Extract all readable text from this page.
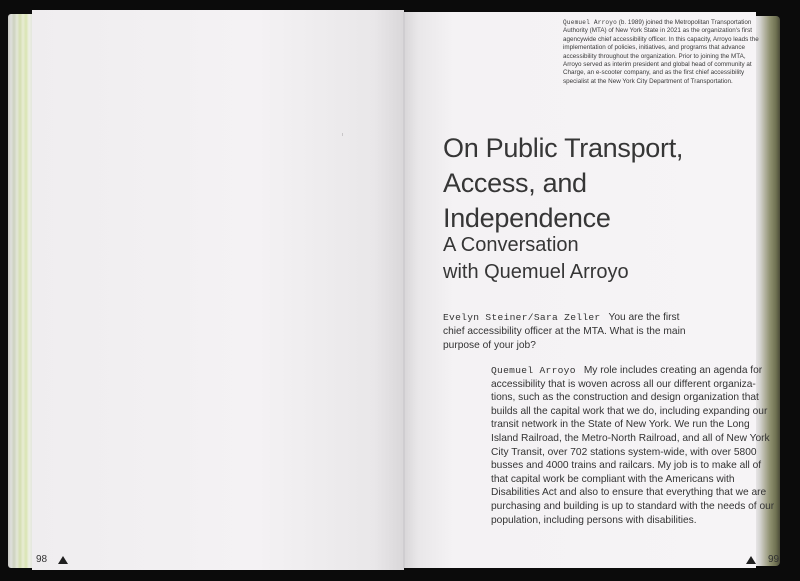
Quemuel Arroyo (b. 1989) joined the Metropolitan Transportation Authority (MTA) of New York State in 2021 as the organization's first agencywide chief accessibility officer. In this capacity, Arroyo leads the implementation of policies, initiatives, and programs that advance accessibility throughout the organization. Prior to joining the MTA, Arroyo served as interim president and global head of community at Charge, an e-scooter company, and as the first chief accessibility specialist at the New York City Department of Transportation.
On Public Transport,
Access, and
Independence
A Conversation
with Quemuel Arroyo
Evelyn Steiner/Sara Zeller You are the first chief accessibility officer at the MTA. What is the main purpose of your job?
Quemuel Arroyo My role includes creating an agenda for accessibility that is woven across all our different organiza-tions, such as the construction and design organization that builds all the capital work that we do, including expanding our transit network in the State of New York. We run the Long Island Railroad, the Metro-North Railroad, and all of New York City Transit, over 702 stations system-wide, with over 5800 busses and 4000 trains and railcars. My job is to make all of that capital work be compliant with the Americans with Disabilities Act and also to ensure that everything that we are purchasing and building is up to standard with the needs of our population, including persons with disabilities.
98	99
